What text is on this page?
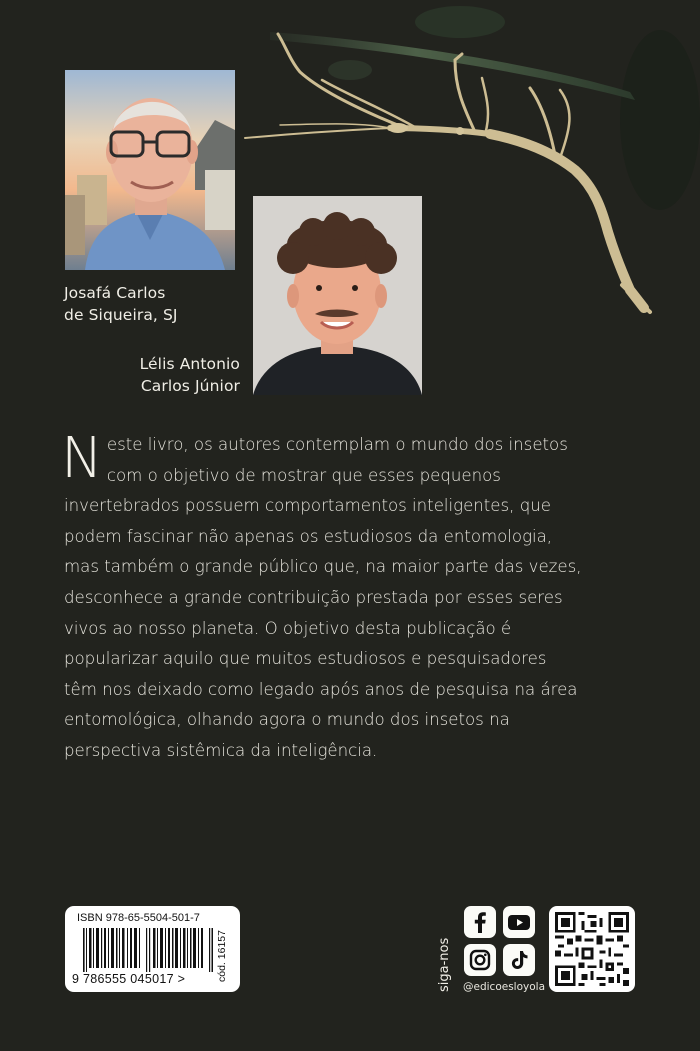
Josafá Carlos
de Siqueira, SJ

Lélis Antonio
Carlos Júnior

Neste livro, os autores contemplam o mundo dos insetos com o objetivo de mostrar que esses pequenos invertebrados possuem comportamentos inteligentes, que podem fascinar não apenas os estudiosos da entomologia, mas também o grande público que, na maior parte das vezes, desconhece a grande contribuição prestada por esses seres vivos ao nosso planeta. O objetivo desta publicação é popularizar aquilo que muitos estudiosos e pesquisadores têm nos deixado como legado após anos de pesquisa na área entomológica, olhando agora o mundo dos insetos na perspectiva sistêmica da inteligência.

ISBN 978-65-5504-501-7
9 786555 045017 >	cód. 16157	siga-nos	@edicoesloyola
